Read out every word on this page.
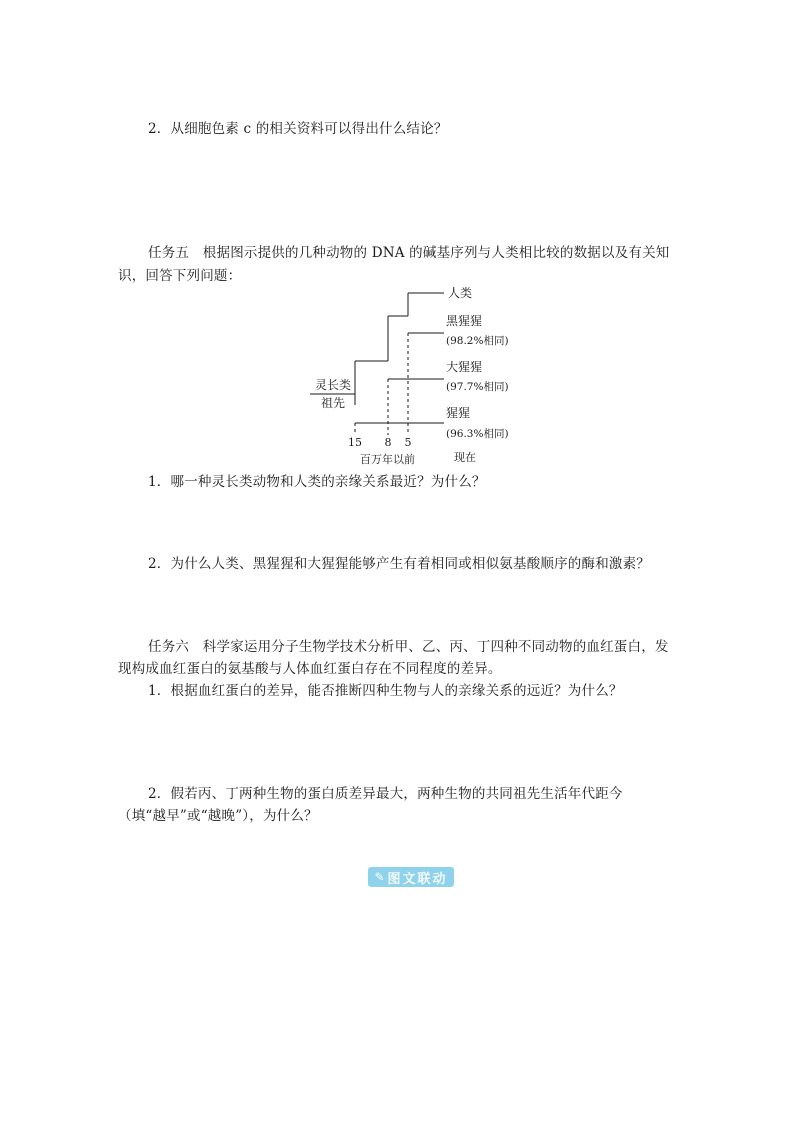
2．从细胞色素 c 的相关资料可以得出什么结论？
任务五　根据图示提供的几种动物的 DNA 的碱基序列与人类相比较的数据以及有关知
识，回答下列问题：
灵长类
祖先
人类
黑猩猩
(98.2%相同)
大猩猩
(97.7%相同)
猩猩
(96.3%相同)
15 8 5
百万年以前	现在
1．哪一种灵长类动物和人类的亲缘关系最近？为什么？
2．为什么人类、黑猩猩和大猩猩能够产生有着相同或相似氨基酸顺序的酶和激素？
任务六　科学家运用分子生物学技术分析甲、乙、丙、丁四种不同动物的血红蛋白，发
现构成血红蛋白的氨基酸与人体血红蛋白存在不同程度的差异。
1．根据血红蛋白的差异，能否推断四种生物与人的亲缘关系的远近？为什么？
2．假若丙、丁两种生物的蛋白质差异最大，两种生物的共同祖先生活年代距今
（填“越早”或“越晚”），为什么？
✎ 图文联动
